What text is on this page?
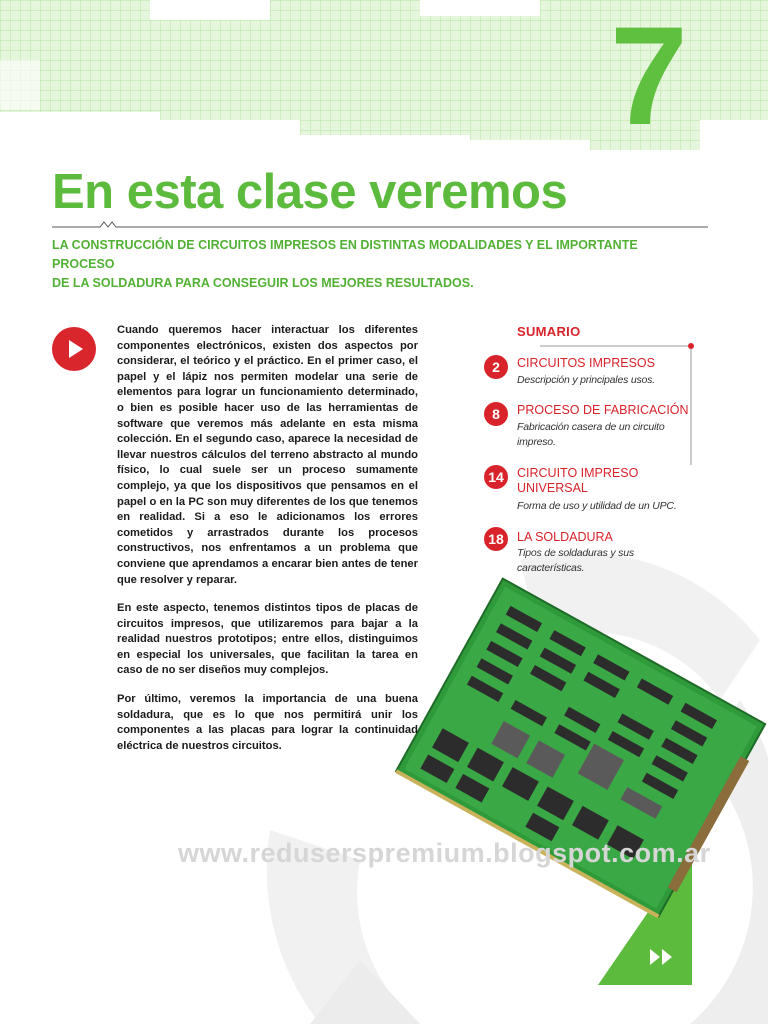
7
En esta clase veremos
LA CONSTRUCCIÓN DE CIRCUITOS IMPRESOS EN DISTINTAS MODALIDADES Y EL IMPORTANTE PROCESO
DE LA SOLDADURA PARA CONSEGUIR LOS MEJORES RESULTADOS.

Cuando queremos hacer interactuar los diferentes componentes electrónicos, existen dos aspectos por considerar, el teórico y el práctico. En el primer caso, el papel y el lápiz nos permiten modelar una serie de elementos para lograr un funcionamiento determinado, o bien es posible hacer uso de las herramientas de software que veremos más adelante en esta misma colección. En el segundo caso, aparece la necesidad de llevar nuestros cálculos del terreno abstracto al mundo físico, lo cual suele ser un proceso sumamente complejo, ya que los dispositivos que pensamos en el papel o en la PC son muy diferentes de los que tenemos en realidad. Si a eso le adicionamos los errores cometidos y arrastrados durante los procesos constructivos, nos enfrentamos a un problema que conviene que aprendamos a encarar bien antes de tener que resolver y reparar.

En este aspecto, tenemos distintos tipos de placas de circuitos impresos, que utilizaremos para bajar a la realidad nuestros prototipos; entre ellos, distinguimos en especial los universales, que facilitan la tarea en caso de no ser diseños muy complejos.

Por último, veremos la importancia de una buena soldadura, que es lo que nos permitirá unir los componentes a las placas para lograr la continuidad eléctrica de nuestros circuitos.

SUMARIO
2	CIRCUITOS IMPRESOS
Descripción y principales usos.
8	PROCESO DE FABRICACIÓN
Fabricación casera de un circuito impreso.
14	CIRCUITO IMPRESO UNIVERSAL
Forma de uso y utilidad de un UPC.
18	LA SOLDADURA
Tipos de soldaduras y sus características.
www.reduserspremium.blogspot.com.ar
